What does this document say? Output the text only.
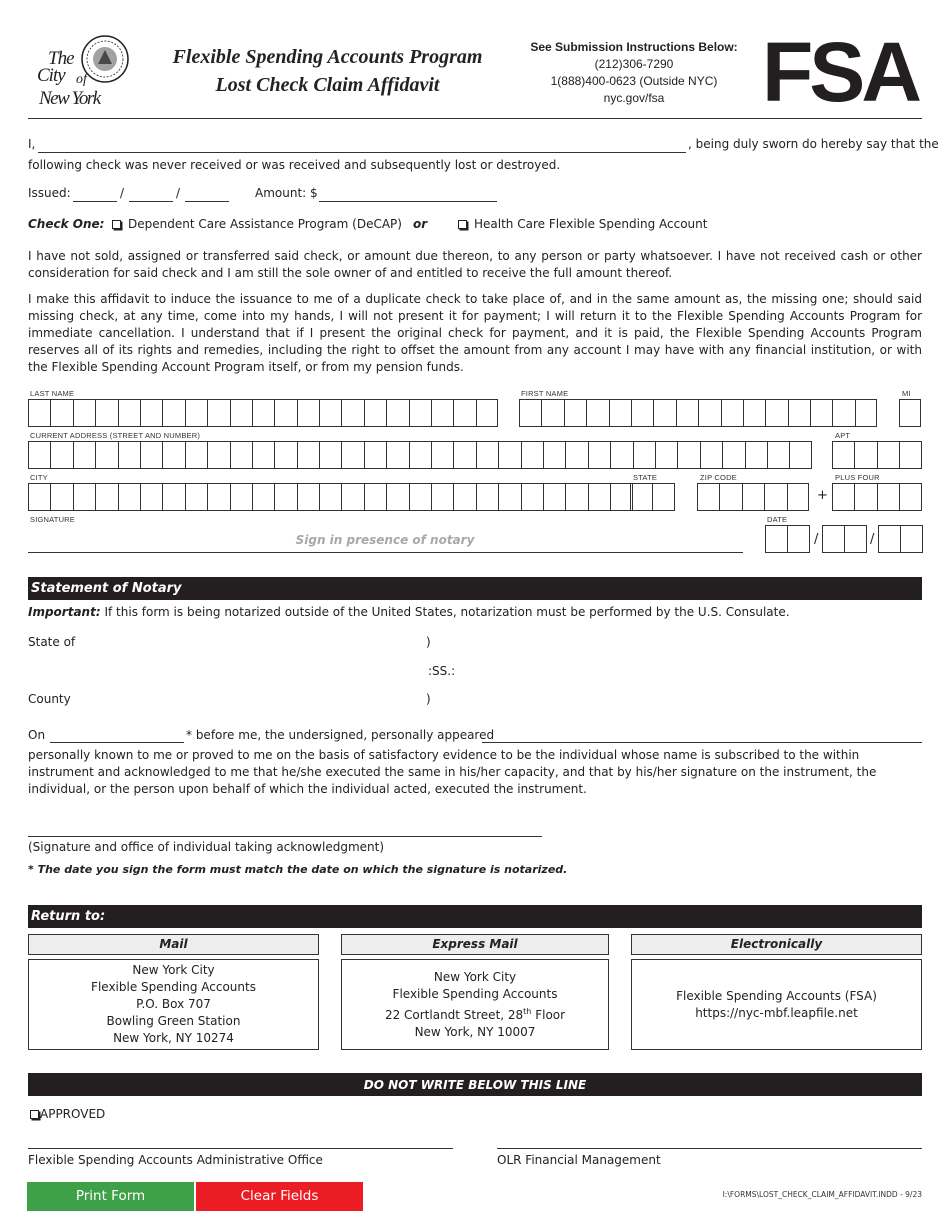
The
City of
New York
Flexible Spending Accounts Program
Lost Check Claim Affidavit
See Submission Instructions Below:
(212)306-7290
1(888)400-0623 (Outside NYC)
nyc.gov/fsa	FSA
I,	, being duly sworn do hereby say that the
following check was never received or was received and subsequently lost or destroyed.
Issued:	/	/	Amount: $
Check One:	Dependent Care Assistance Program (DeCAP) or	Health Care Flexible Spending Account
I have not sold, assigned or transferred said check, or amount due thereon, to any person or party whatsoever. I have not received cash or other consideration for said check and I am still the sole owner of and entitled to receive the full amount thereof.
I make this affidavit to induce the issuance to me of a duplicate check to take place of, and in the same amount as, the missing one; should said missing check, at any time, come into my hands, I will not present it for payment; I will return it to the Flexible Spending Accounts Program for immediate cancellation. I understand that if I present the original check for payment, and it is paid, the Flexible Spending Accounts Program reserves all of its rights and remedies, including the right to offset the amount from any account I may have with any financial institution, or with the Flexible Spending Account Program itself, or from my pension funds.
LAST NAME	FIRST NAME	MI
CURRENT ADDRESS (STREET AND NUMBER)	APT
CITY	STATE	ZIP CODE
+
PLUS FOUR
SIGNATURE
Sign in presence of notary
DATE
/	/
Statement of Notary
Important: If this form is being notarized outside of the United States, notarization must be performed by the U.S. Consulate.
State of	)
:SS.:
County	)
On	* before me, the undersigned, personally appeared
personally known to me or proved to me on the basis of satisfactory evidence to be the individual whose name is subscribed to the within instrument and acknowledged to me that he/she executed the same in his/her capacity, and that by his/her signature on the instrument, the individual, or the person upon behalf of which the individual acted, executed the instrument.
(Signature and office of individual taking acknowledgment)
* The date you sign the form must match the date on which the signature is notarized.
Return to:
Mail
New York City
Flexible Spending Accounts
P.O. Box 707
Bowling Green Station
New York, NY 10274
Express Mail
New York City
Flexible Spending Accounts
22 Cortlandt Street, 28th Floor
New York, NY 10007
Electronically
Flexible Spending Accounts (FSA)
https://nyc-mbf.leapfile.net
DO NOT WRITE BELOW THIS LINE
APPROVED
Flexible Spending Accounts Administrative Office	OLR Financial Management
Print Form	Clear Fields	I:\FORMS\LOST_CHECK_CLAIM_AFFIDAVIT.INDD - 9/23
